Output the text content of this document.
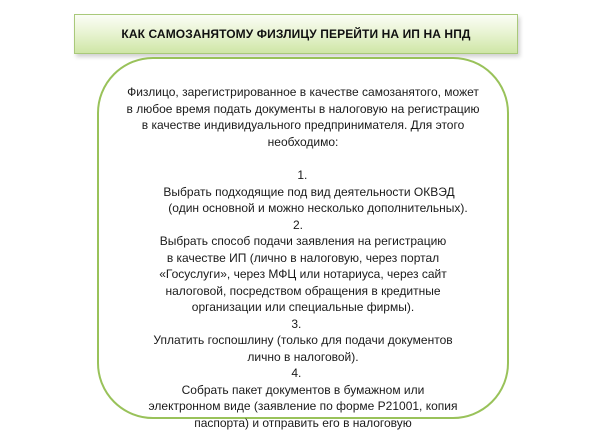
КАК САМОЗАНЯТОМУ ФИЗЛИЦУ ПЕРЕЙТИ НА ИП НА НПД

Физлицо, зарегистрированное в качестве самозанятого, может
в любое время подать документы в налоговую на регистрацию
в качестве индивидуального предпринимателя. Для этого
необходимо:

1.
Выбрать подходящие под вид деятельности ОКВЭД
(один основной и можно несколько дополнительных).
2.
Выбрать способ подачи заявления на регистрацию
в качестве ИП (лично в налоговую, через портал
«Госуслуги», через МФЦ или нотариуса, через сайт
налоговой, посредством обращения в кредитные
организации или специальные фирмы).
3.
Уплатить госпошлину (только для подачи документов
лично в налоговой).
4.
Собрать пакет документов в бумажном или
электронном виде (заявление по форме Р21001, копия
паспорта) и отправить его в налоговую
